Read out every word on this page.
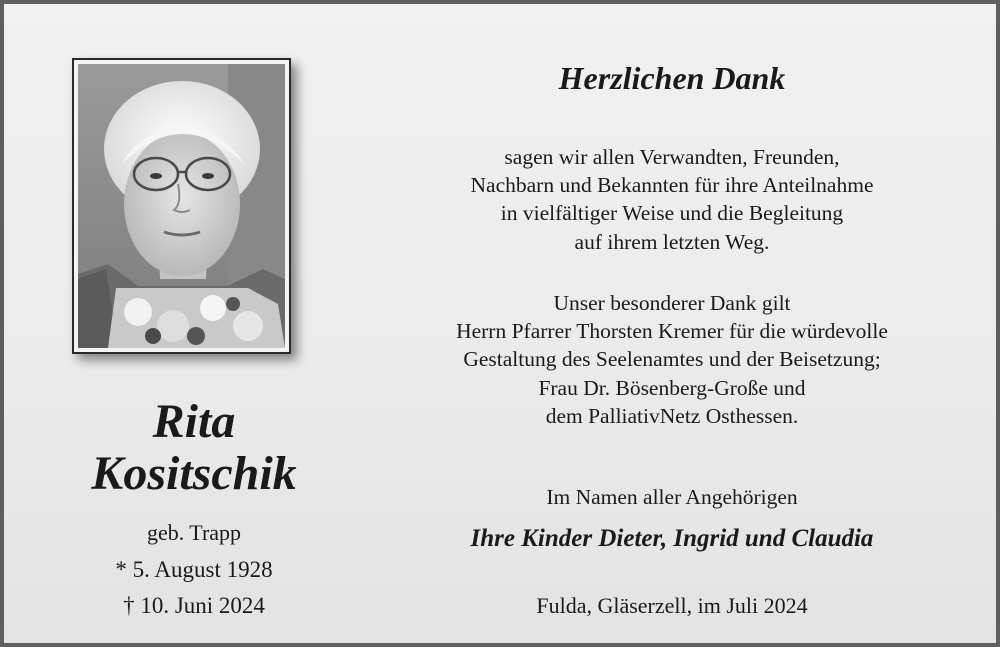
Rita
Kositschik
geb. Trapp
* 5. August 1928
† 10. Juni 2024
Herzlichen Dank
sagen wir allen Verwandten, Freunden,
Nachbarn und Bekannten für ihre Anteilnahme
in vielfältiger Weise und die Begleitung
auf ihrem letzten Weg.
Unser besonderer Dank gilt
Herrn Pfarrer Thorsten Kremer für die würdevolle
Gestaltung des Seelenamtes und der Beisetzung;
Frau Dr. Bösenberg-Große und
dem PalliativNetz Osthessen.
Im Namen aller Angehörigen
Ihre Kinder Dieter, Ingrid und Claudia
Fulda, Gläserzell, im Juli 2024
